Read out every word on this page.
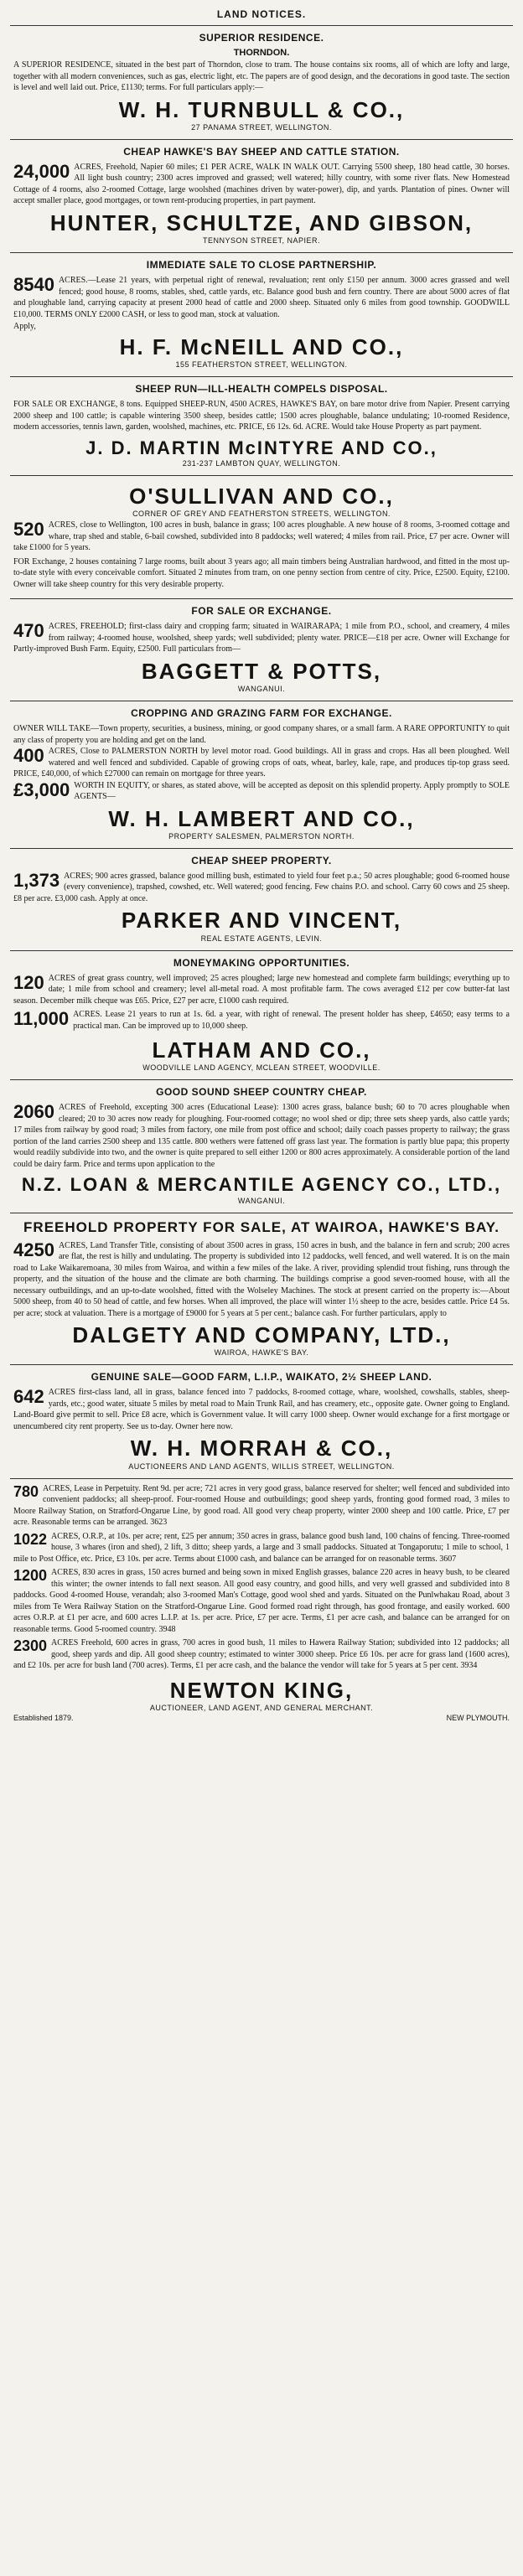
LAND NOTICES.
SUPERIOR RESIDENCE.
THORNDON.

A SUPERIOR RESIDENCE, situated in the best part of Thorndon, close to tram. The house contains six rooms, all of which are lofty and large, together with all modern conveniences, such as gas, electric light, etc. The papers are of good design, and the decorations in good taste. The section is level and well laid out. Price, £1130; terms. For full particulars apply:—

W. H. TURNBULL & CO.,
27 PANAMA STREET, WELLINGTON.
CHEAP HAWKE'S BAY SHEEP AND CATTLE STATION.
24,000 ACRES, Freehold, Napier 60 miles; £1 PER ACRE, WALK IN WALK OUT. Carrying 5500 sheep, 180 head cattle, 30 horses. All light bush country; 2300 acres improved and grassed; well watered; hilly country, with some river flats. New Homestead Cottage of 4 rooms, also 2-roomed Cottage, large woolshed (machines driven by water-power), dip, and yards. Plantation of pines. Owner will accept smaller place, good mortgages, or town rent-producing properties, in part payment.

HUNTER, SCHULTZE, AND GIBSON,
TENNYSON STREET, NAPIER.
IMMEDIATE SALE TO CLOSE PARTNERSHIP.
8540 ACRES.—Lease 21 years, with perpetual right of renewal, revaluation; rent only £150 per annum. 3000 acres grassed and well fenced; good house, 8 rooms, stables, shed, cattle yards, etc. Balance good bush and fern country. There are about 5000 acres of flat and ploughable land, carrying capacity at present 2000 head of cattle and 2000 sheep. Situated only 6 miles from good township. GOODWILL £10,000. TERMS ONLY £2000 CASH, or less to good man, stock at valuation.

Apply,

H. F. McNEILL AND CO.,
155 FEATHERSTON STREET, WELLINGTON.
SHEEP RUN—ILL-HEALTH COMPELS DISPOSAL.

FOR SALE OR EXCHANGE, 8 tons. Equipped SHEEP-RUN, 4500 ACRES, HAWKE'S BAY, on bare motor drive from Napier. Present carrying 2000 sheep and 100 cattle; is capable wintering 3500 sheep, besides cattle; 1500 acres ploughable, balance undulating; 10-roomed Residence, modern accessories, tennis lawn, garden, woolshed, machines, etc. PRICE, £6 12s. 6d. ACRE. Would take House Property as part payment.

J. D. MARTIN McINTYRE AND CO.,
231-237 LAMBTON QUAY, WELLINGTON.
O'SULLIVAN AND CO.,
CORNER OF GREY AND FEATHERSTON STREETS, WELLINGTON.
520 ACRES, close to Wellington, 100 acres in bush, balance in grass; 100 acres ploughable. A new house of 8 rooms, 3-roomed cottage and whare, trap shed and stable, 6-bail cowshed, subdivided into 8 paddocks; well watered; 4 miles from rail. Price, £7 per acre. Owner will take £1000 for 5 years.

FOR Exchange, 2 houses containing 7 large rooms, built about 3 years ago; all main timbers being Australian hardwood, and fitted in the most up-to-date style with every conceivable comfort. Situated 2 minutes from tram, on one penny section from centre of city. Price, £2500. Equity, £2100. Owner will take sheep country for this very desirable property.

FOR SALE OR EXCHANGE.
470 ACRES, FREEHOLD; first-class dairy and cropping farm; situated in WAIRARAPA; 1 mile from P.O., school, and creamery, 4 miles from railway; 4-roomed house, woolshed, sheep yards; well subdivided; plenty water. PRICE—£18 per acre. Owner will Exchange for Partly-improved Bush Farm. Equity, £2500. Full particulars from—

BAGGETT & POTTS,
WANGANUI.
CROPPING AND GRAZING FARM FOR EXCHANGE.

OWNER WILL TAKE—Town property, securities, a business, mining, or good company shares, or a small farm. A RARE OPPORTUNITY to quit any class of property you are holding and get on the land.

400 ACRES, Close to PALMERSTON NORTH by level motor road. Good buildings. All in grass and crops. Has all been ploughed. Well watered and well fenced and subdivided. Capable of growing crops of oats, wheat, barley, kale, rape, and produces tip-top grass seed. PRICE, £40,000, of which £27000 can remain on mortgage for three years.

£3,000 WORTH IN EQUITY, or shares, as stated above, will be accepted as deposit on this splendid property. Apply promptly to SOLE AGENTS—

W. H. LAMBERT AND CO.,
PROPERTY SALESMEN, PALMERSTON NORTH.
CHEAP SHEEP PROPERTY.
1,373 ACRES; 900 acres grassed, balance good milling bush, estimated to yield four feet p.a.; 50 acres ploughable; good 6-roomed house (every convenience), trapshed, cowshed, etc. Well watered; good fencing. Few chains P.O. and school. Carry 60 cows and 25 sheep. £8 per acre. £3,000 cash. Apply at once.

PARKER AND VINCENT,
REAL ESTATE AGENTS, LEVIN.
MONEYMAKING OPPORTUNITIES.
120 ACRES of great grass country, well improved; 25 acres ploughed; large new homestead and complete farm buildings; everything up to date; 1 mile from school and creamery; level all-metal road. A most profitable farm. The cows averaged £12 per cow butter-fat last season. December milk cheque was £65. Price, £27 per acre, £1000 cash required.

11,000 ACRES. Lease 21 years to run at 1s. 6d. a year, with right of renewal. The present holder has sheep, £4650; easy terms to a practical man. Can be improved up to 10,000 sheep.

LATHAM AND CO.,
WOODVILLE LAND AGENCY, MCLEAN STREET, WOODVILLE.
GOOD SOUND SHEEP COUNTRY CHEAP.
2060 ACRES of Freehold, excepting 300 acres (Educational Lease): 1300 acres grass, balance bush; 60 to 70 acres ploughable when cleared; 20 to 30 acres now ready for ploughing. Four-roomed cottage; no wool shed or dip; three sets sheep yards, also cattle yards; 17 miles from railway by good road; 3 miles from factory, one mile from post office and school; daily coach passes property to railway; the grass portion of the land carries 2500 sheep and 135 cattle. 800 wethers were fattened off grass last year. The formation is partly blue papa; this property would readily subdivide into two, and the owner is quite prepared to sell either 1200 or 800 acres approximately. A considerable portion of the land could be dairy farm. Price and terms upon application to the

N.Z. LOAN & MERCANTILE AGENCY CO., LTD.,
WANGANUI.
FREEHOLD PROPERTY FOR SALE, AT WAIROA, HAWKE'S BAY.
4250 ACRES, Land Transfer Title, consisting of about 3500 acres in grass, 150 acres in bush, and the balance in fern and scrub; 200 acres are flat, the rest is hilly and undulating. The property is subdivided into 12 paddocks, well fenced, and well watered. It is on the main road to Lake Waikaremoana, 30 miles from Wairoa, and within a few miles of the lake. A river, providing splendid trout fishing, runs through the property, and the situation of the house and the climate are both charming. The buildings comprise a good seven-roomed house, with all the necessary outbuildings, and an up-to-date woolshed, fitted with the Wolseley Machines. The stock at present carried on the property is:—About 5000 sheep, from 40 to 50 head of cattle, and few horses. When all improved, the place will winter 1½ sheep to the acre, besides cattle. Price £4 5s. per acre; stock at valuation. There is a mortgage of £9000 for 5 years at 5 per cent.; balance cash. For further particulars, apply to

DALGETY AND COMPANY, LTD.,
WAIROA, HAWKE'S BAY.
GENUINE SALE—GOOD FARM, L.I.P., WAIKATO, 2½ SHEEP LAND.
642 ACRES first-class land, all in grass, balance fenced into 7 paddocks, 8-roomed cottage, whare, woolshed, cowshalls, stables, sheep-yards, etc.; good water, situate 5 miles by metal road to Main Trunk Rail, and has creamery, etc., opposite gate. Owner going to England. Land-Board give permit to sell. Price £8 acre, which is Government value. It will carry 1000 sheep. Owner would exchange for a first mortgage or unencumbered city rent property. See us to-day. Owner here now.

W. H. MORRAH & CO.,
AUCTIONEERS AND LAND AGENTS, WILLIS STREET, WELLINGTON.
780 ACRES, Lease in Perpetuity. Rent 9d. per acre; 721 acres in very good grass, balance reserved for shelter; well fenced and subdivided into convenient paddocks; all sheep-proof. Four-roomed House and outbuildings; good sheep yards, fronting good formed road, 3 miles to Moore Railway Station, on Stratford-Ongarue Line, by good road. All good very cheap property, winter 2000 sheep and 100 cattle. Price, £7 per acre. Reasonable terms can be arranged. 3623

1022 ACRES, O.R.P., at 10s. per acre; rent, £25 per annum; 350 acres in grass, balance good bush land, 100 chains of fencing. Three-roomed house, 3 whares (iron and shed), 2 lift, 3 ditto; sheep yards, a large and 3 small paddocks. Situated at Tongaporutu; 1 mile to school, 1 mile to Post Office, etc. Price, £3 10s. per acre. Terms about £1000 cash, and balance can be arranged for on reasonable terms. 3607

1200 ACRES, 830 acres in grass, 150 acres burned and being sown in mixed English grasses, balance 220 acres in heavy bush, to be cleared this winter; the owner intends to fall next season. All good easy country, and good hills, and very well grassed and subdivided into 8 paddocks. Good 4-roomed House, verandah; also 3-roomed Man's Cottage, good wool shed and yards. Situated on the Punlwhakau Road, about 3 miles from Te Wera Railway Station on the Stratford-Ongarue Line. Good formed road right through, has good frontage, and easily worked. 600 acres O.R.P. at £1 per acre, and 600 acres L.I.P. at 1s. per acre. Price, £7 per acre. Terms, £1 per acre cash, and balance can be arranged for on reasonable terms. Good 5-roomed country. 3948

2300 ACRES Freehold, 600 acres in grass, 700 acres in good bush, 11 miles to Hawera Railway Station; subdivided into 12 paddocks; all good, sheep yards and dip. All good sheep country; estimated to winter 3000 sheep. Price £6 10s. per acre for grass land (1600 acres), and £2 10s. per acre for bush land (700 acres). Terms, £1 per acre cash, and the balance the vendor will take for 5 years at 5 per cent. 3934

NEWTON KING,
AUCTIONEER, LAND AGENT, AND GENERAL MERCHANT.
Established 1879.	NEW PLYMOUTH.
